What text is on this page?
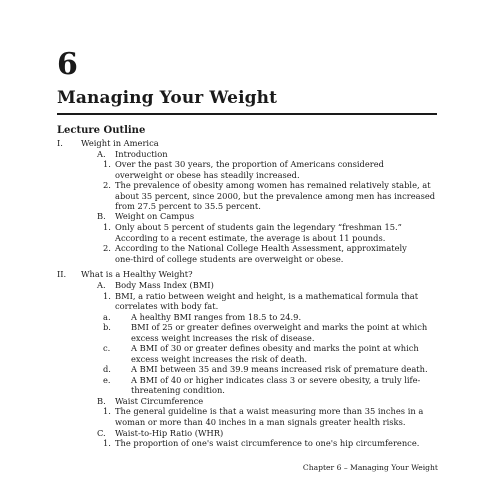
6
Managing Your Weight
Lecture Outline
I. Weight in America
A. Introduction
1. Over the past 30 years, the proportion of Americans considered
overweight or obese has steadily increased.
2. The prevalence of obesity among women has remained relatively stable, at
about 35 percent, since 2000, but the prevalence among men has increased
from 27.5 percent to 35.5 percent.
B. Weight on Campus
1. Only about 5 percent of students gain the legendary “freshman 15.”
According to a recent estimate, the average is about 11 pounds.
2. According to the National College Health Assessment, approximately
one-third of college students are overweight or obese.
II. What is a Healthy Weight?
A. Body Mass Index (BMI)
1. BMI, a ratio between weight and height, is a mathematical formula that
correlates with body fat.
a. A healthy BMI ranges from 18.5 to 24.9.
b. BMI of 25 or greater defines overweight and marks the point at which
excess weight increases the risk of disease.
c. A BMI of 30 or greater defines obesity and marks the point at which
excess weight increases the risk of death.
d. A BMI between 35 and 39.9 means increased risk of premature death.
e. A BMI of 40 or higher indicates class 3 or severe obesity, a truly life-
threatening condition.
B. Waist Circumference
1. The general guideline is that a waist measuring more than 35 inches in a
woman or more than 40 inches in a man signals greater health risks.
C. Waist-to-Hip Ratio (WHR)
1. The proportion of one's waist circumference to one's hip circumference.
Chapter 6 – Managing Your Weight
